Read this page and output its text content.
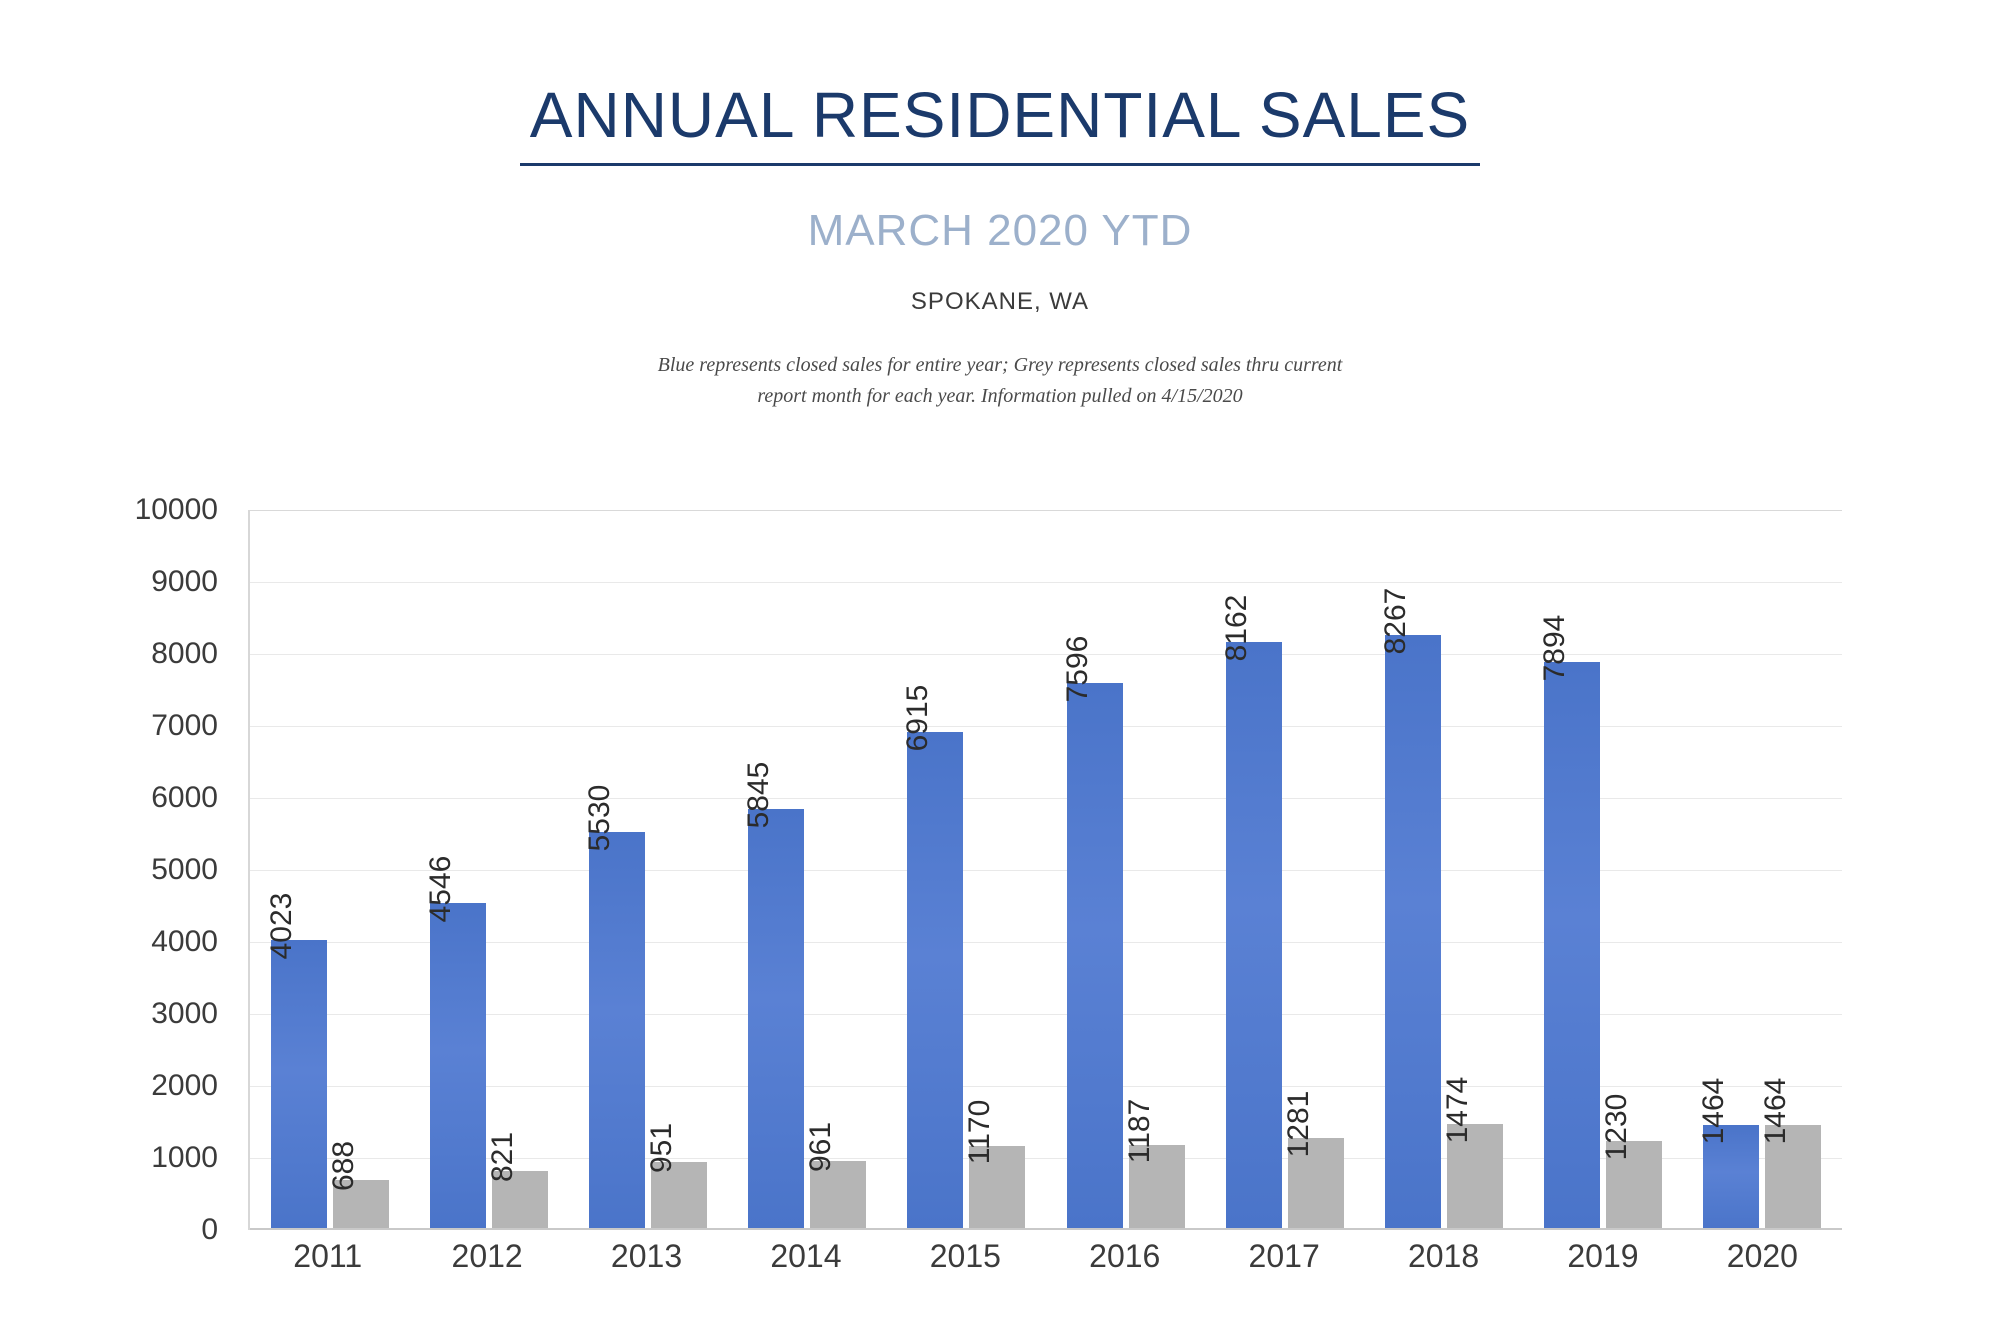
ANNUAL RESIDENTIAL SALES
MARCH 2020 YTD
SPOKANE, WA
Blue represents closed sales for entire year; Grey represents closed sales thru current
report month for each year. Information pulled on 4/15/2020
0
1000
2000
3000
4000
5000
6000
7000
8000
9000
10000
4023
688
4546
821
5530
951
5845
961
6915
1170
7596
1187
8162
1281
8267
1474
7894
1230 1464 1464
2011	2012	2013	2014	2015	2016	2017	2018	2019	2020
